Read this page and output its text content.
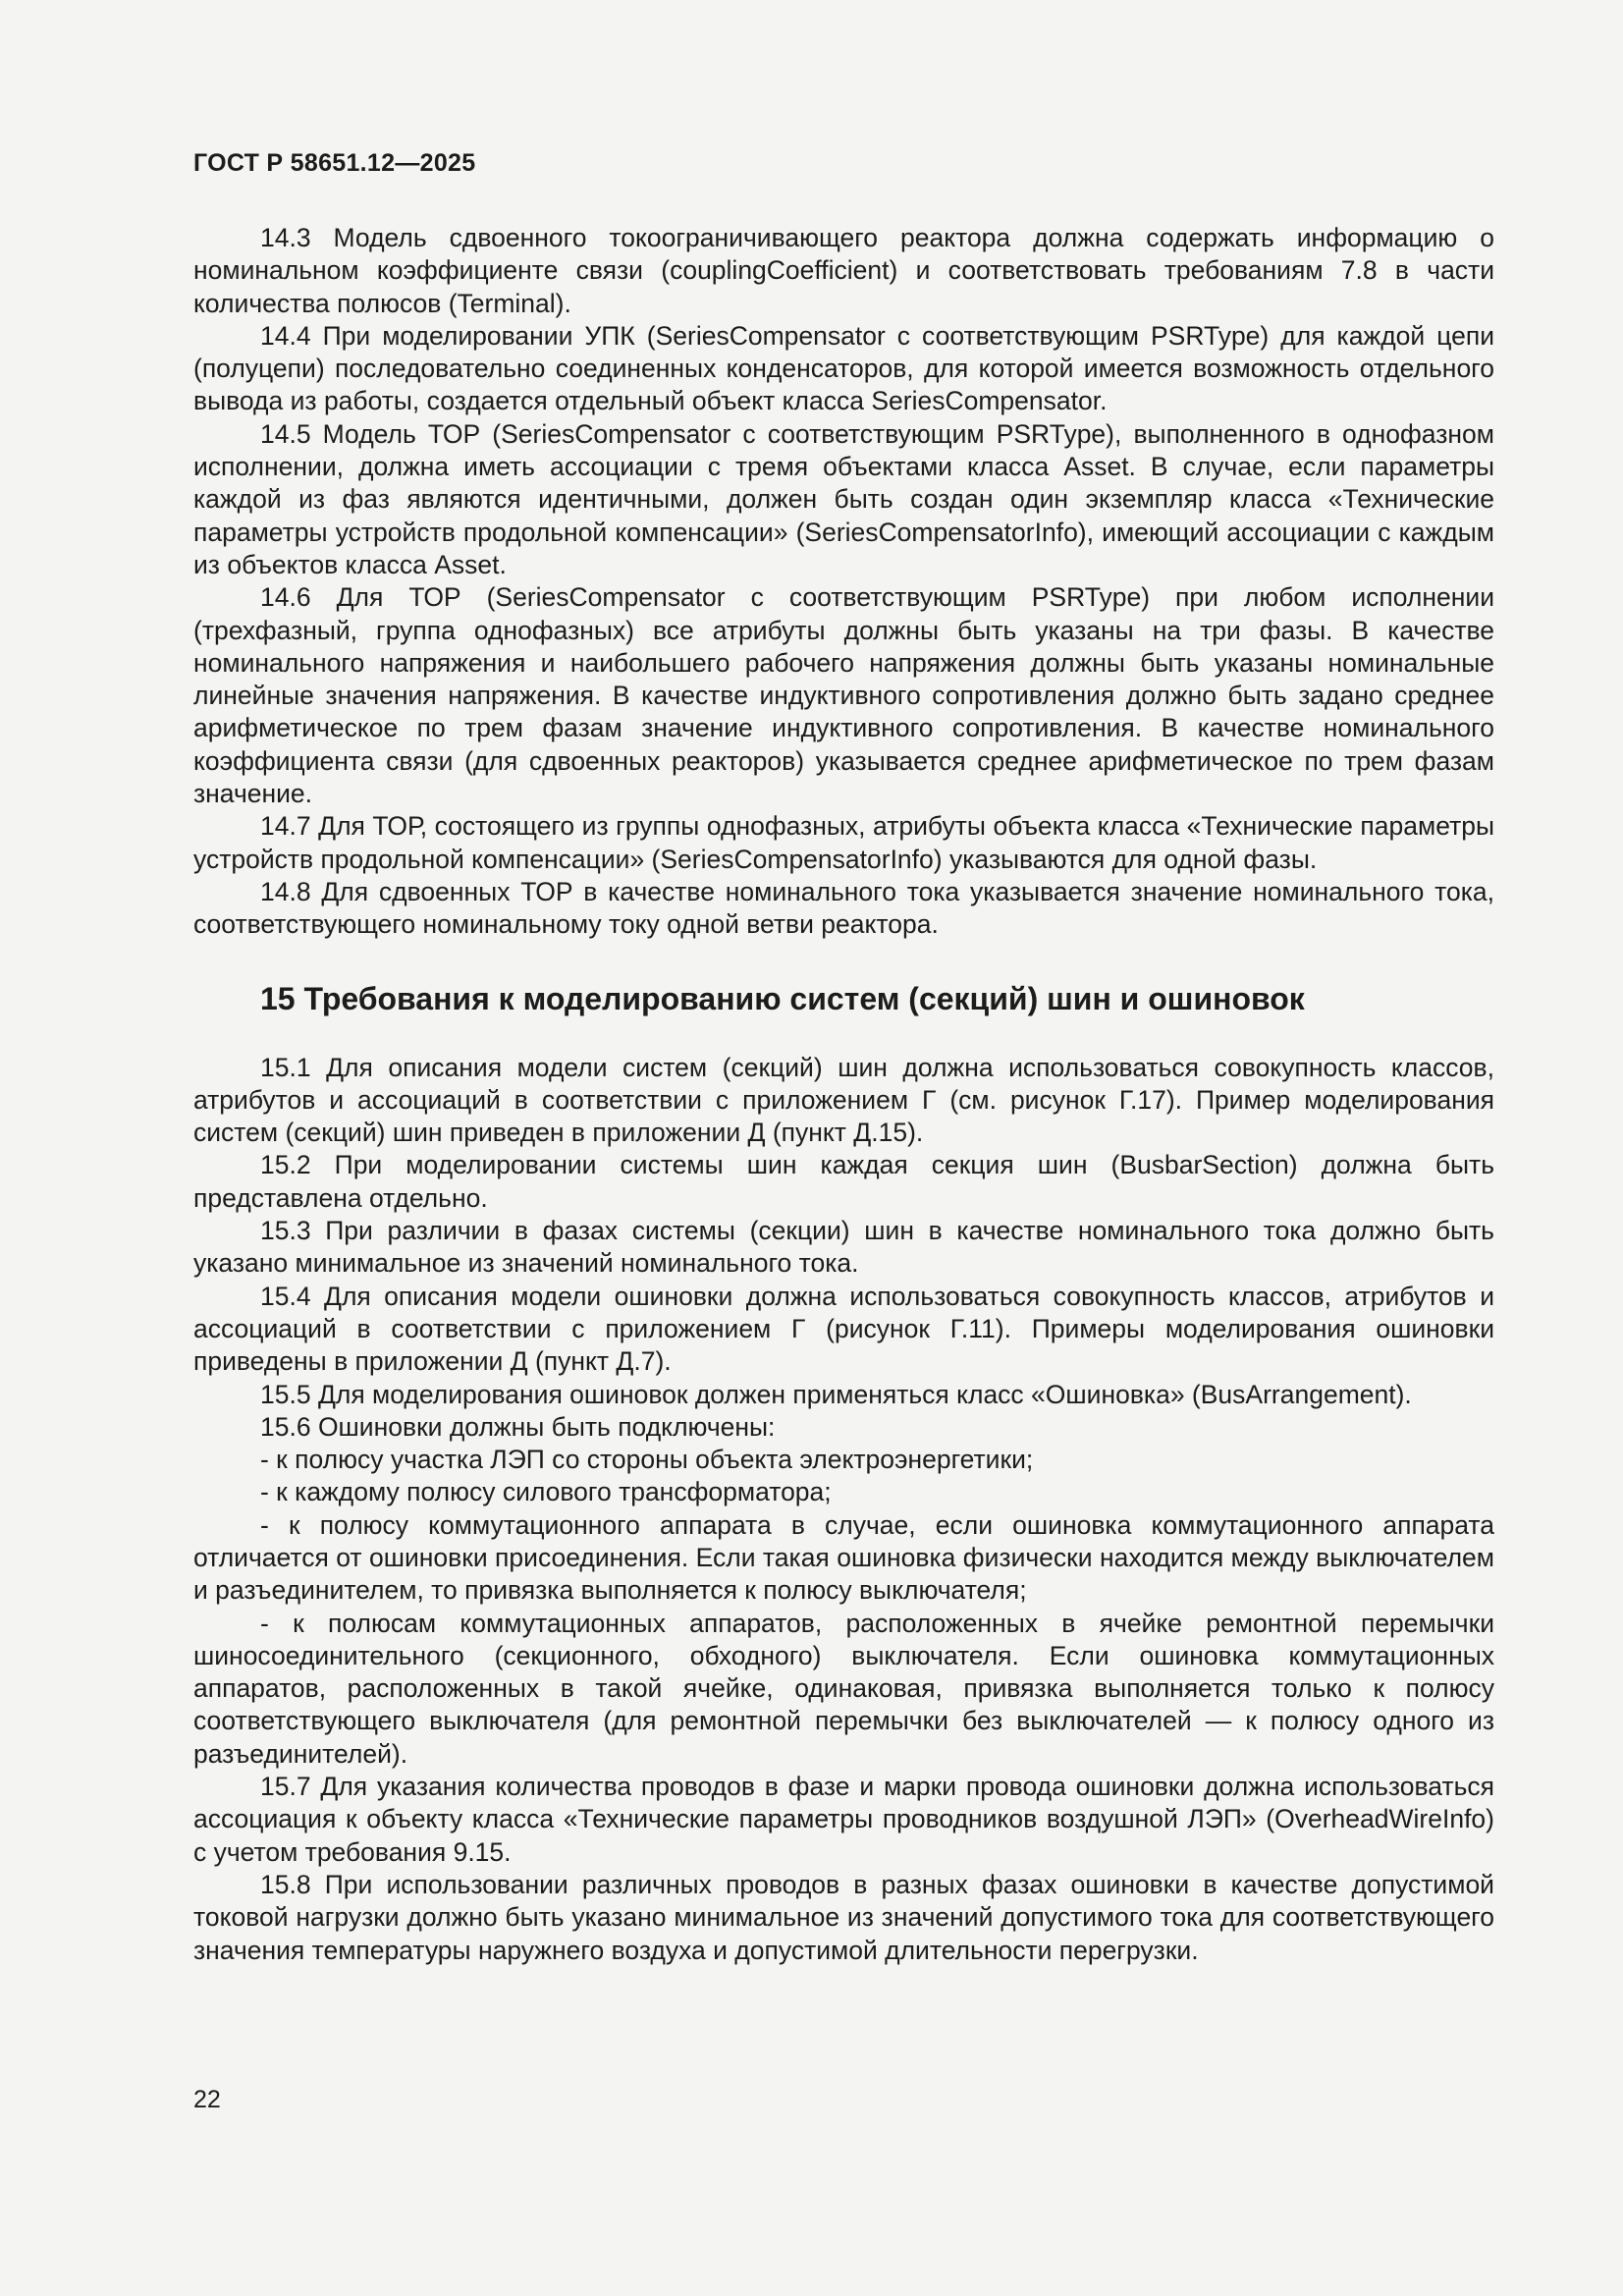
ГОСТ Р 58651.12—2025

14.3 Модель сдвоенного токоограничивающего реактора должна содержать информацию о номинальном коэффициенте связи (couplingCoefficient) и соответствовать требованиям 7.8 в части количества полюсов (Terminal).

14.4 При моделировании УПК (SeriesCompensator с соответствующим PSRType) для каждой цепи (полуцепи) последовательно соединенных конденсаторов, для которой имеется возможность отдельного вывода из работы, создается отдельный объект класса SeriesCompensator.

14.5 Модель ТОР (SeriesCompensator с соответствующим PSRType), выполненного в однофазном исполнении, должна иметь ассоциации с тремя объектами класса Asset. В случае, если параметры каждой из фаз являются идентичными, должен быть создан один экземпляр класса «Технические параметры устройств продольной компенсации» (SeriesCompensatorInfo), имеющий ассоциации с каждым из объектов класса Asset.

14.6 Для ТОР (SeriesCompensator с соответствующим PSRType) при любом исполнении (трехфазный, группа однофазных) все атрибуты должны быть указаны на три фазы. В качестве номинального напряжения и наибольшего рабочего напряжения должны быть указаны номинальные линейные значения напряжения. В качестве индуктивного сопротивления должно быть задано среднее арифметическое по трем фазам значение индуктивного сопротивления. В качестве номинального коэффициента связи (для сдвоенных реакторов) указывается среднее арифметическое по трем фазам значение.

14.7 Для ТОР, состоящего из группы однофазных, атрибуты объекта класса «Технические параметры устройств продольной компенсации» (SeriesCompensatorInfo) указываются для одной фазы.

14.8 Для сдвоенных ТОР в качестве номинального тока указывается значение номинального тока, соответствующего номинальному току одной ветви реактора.

15 Требования к моделированию систем (секций) шин и ошиновок

15.1 Для описания модели систем (секций) шин должна использоваться совокупность классов, атрибутов и ассоциаций в соответствии с приложением Г (см. рисунок Г.17). Пример моделирования систем (секций) шин приведен в приложении Д (пункт Д.15).

15.2 При моделировании системы шин каждая секция шин (BusbarSection) должна быть представлена отдельно.

15.3 При различии в фазах системы (секции) шин в качестве номинального тока должно быть указано минимальное из значений номинального тока.

15.4 Для описания модели ошиновки должна использоваться совокупность классов, атрибутов и ассоциаций в соответствии с приложением Г (рисунок Г.11). Примеры моделирования ошиновки приведены в приложении Д (пункт Д.7).

15.5 Для моделирования ошиновок должен применяться класс «Ошиновка» (BusArrangement).

15.6 Ошиновки должны быть подключены:

- к полюсу участка ЛЭП со стороны объекта электроэнергетики;

- к каждому полюсу силового трансформатора;

- к полюсу коммутационного аппарата в случае, если ошиновка коммутационного аппарата отличается от ошиновки присоединения. Если такая ошиновка физически находится между выключателем и разъединителем, то привязка выполняется к полюсу выключателя;

- к полюсам коммутационных аппаратов, расположенных в ячейке ремонтной перемычки шиносоединительного (секционного, обходного) выключателя. Если ошиновка коммутационных аппаратов, расположенных в такой ячейке, одинаковая, привязка выполняется только к полюсу соответствующего выключателя (для ремонтной перемычки без выключателей — к полюсу одного из разъединителей).

15.7 Для указания количества проводов в фазе и марки провода ошиновки должна использоваться ассоциация к объекту класса «Технические параметры проводников воздушной ЛЭП» (OverheadWireInfo) с учетом требования 9.15.

15.8 При использовании различных проводов в разных фазах ошиновки в качестве допустимой токовой нагрузки должно быть указано минимальное из значений допустимого тока для соответствующего значения температуры наружнего воздуха и допустимой длительности перегрузки.

22
